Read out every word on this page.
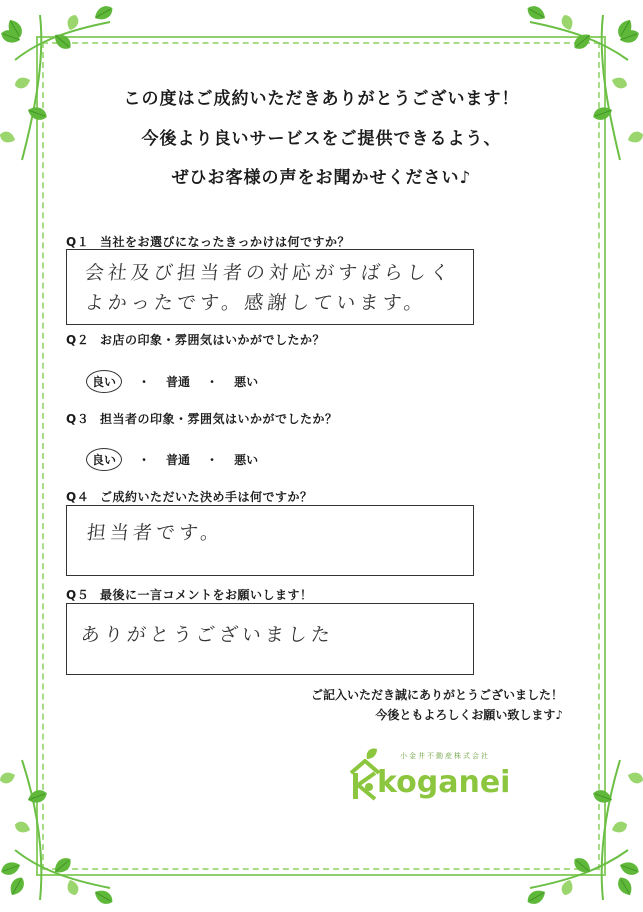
この度はご成約いただきありがとうございます！
今後より良いサービスをご提供できるよう、
ぜひお客様の声をお聞かせください♪
Q１ 当社をお選びになったきっかけは何ですか？
会社及び担当者の対応がすばらしく
よかったです。感謝しています。
Q２ お店の印象・雰囲気はいかがでしたか？
良い ・ 普通 ・ 悪い
Q３ 担当者の印象・雰囲気はいかがでしたか？
良い ・ 普通 ・ 悪い
Q４ ご成約いただいた決め手は何ですか？
担当者です。
Q５ 最後に一言コメントをお願いします！
ありがとうございました
ご記入いただき誠にありがとうございました！
今後ともよろしくお願い致します♪
小金井不動産株式会社
koganei
